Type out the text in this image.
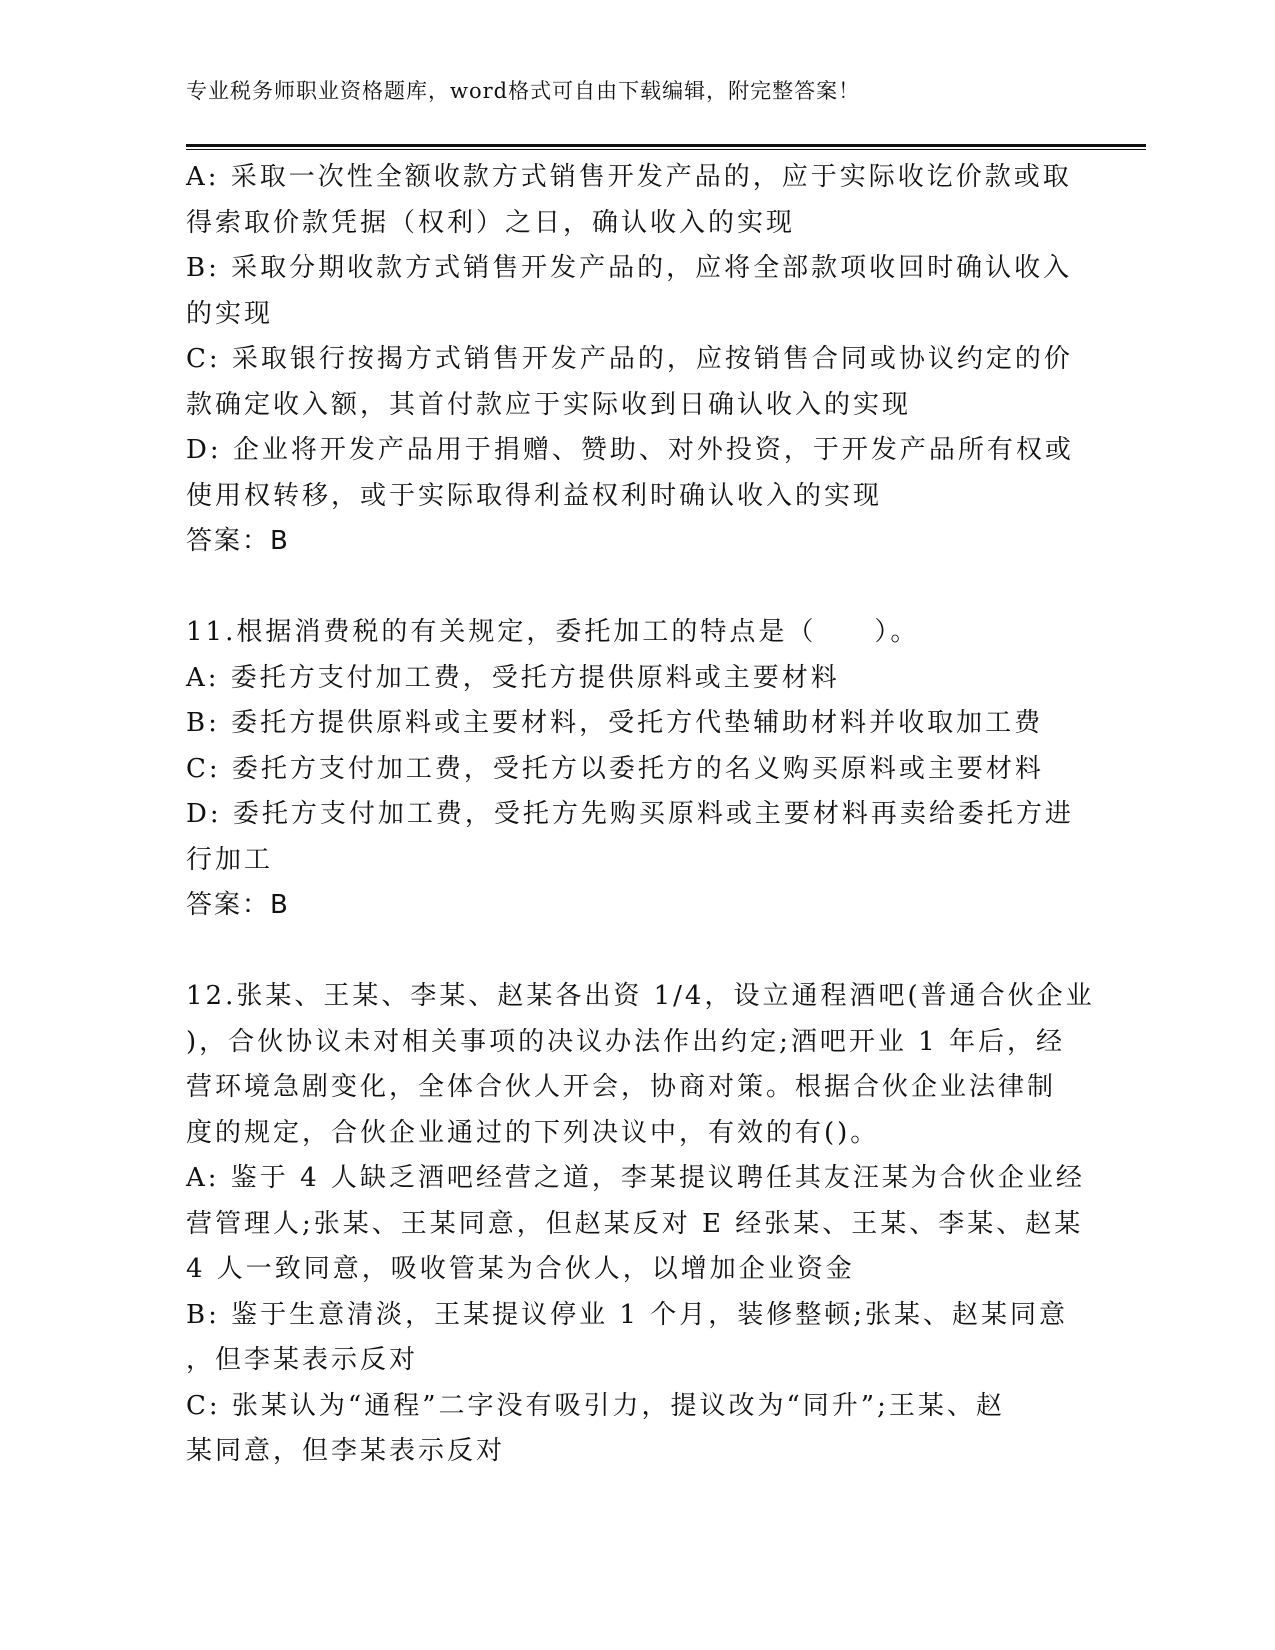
专业税务师职业资格题库，word格式可自由下载编辑，附完整答案！
A: 采取一次性全额收款方式销售开发产品的，应于实际收讫价款或取
得索取价款凭据（权利）之日，确认收入的实现
B: 采取分期收款方式销售开发产品的，应将全部款项收回时确认收入
的实现
C: 采取银行按揭方式销售开发产品的，应按销售合同或协议约定的价
款确定收入额，其首付款应于实际收到日确认收入的实现
D: 企业将开发产品用于捐赠、赞助、对外投资，于开发产品所有权或
使用权转移，或于实际取得利益权利时确认收入的实现
答案：B
11.根据消费税的有关规定，委托加工的特点是（　　）。
A: 委托方支付加工费，受托方提供原料或主要材料
B: 委托方提供原料或主要材料，受托方代垫辅助材料并收取加工费
C: 委托方支付加工费，受托方以委托方的名义购买原料或主要材料
D: 委托方支付加工费，受托方先购买原料或主要材料再卖给委托方进
行加工
答案：B
12.张某、王某、李某、赵某各出资 1/4，设立通程酒吧(普通合伙企业
)，合伙协议未对相关事项的决议办法作出约定;酒吧开业 1 年后，经
营环境急剧变化，全体合伙人开会，协商对策。根据合伙企业法律制
度的规定，合伙企业通过的下列决议中，有效的有()。
A: 鉴于 4 人缺乏酒吧经营之道，李某提议聘任其友汪某为合伙企业经
营管理人;张某、王某同意，但赵某反对 E 经张某、王某、李某、赵某
4 人一致同意，吸收管某为合伙人，以增加企业资金
B: 鉴于生意清淡，王某提议停业 1 个月，装修整顿;张某、赵某同意
，但李某表示反对
C: 张某认为“通程”二字没有吸引力，提议改为“同升”;王某、赵
某同意，但李某表示反对
